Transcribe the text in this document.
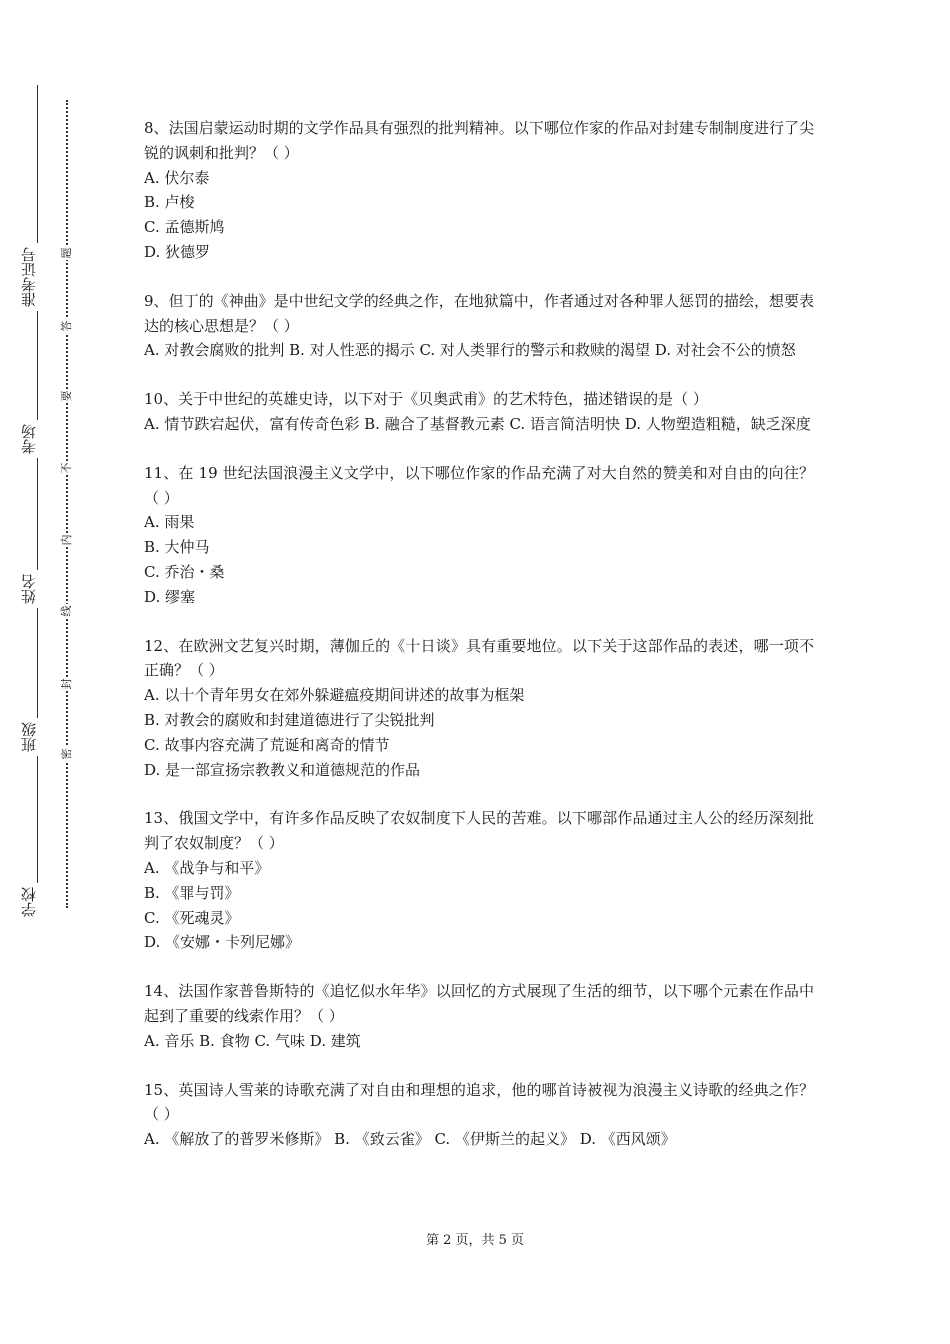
准考证号
考场
姓名
班级
学校
题
答
要
不
内
线
封
密

8、法国启蒙运动时期的文学作品具有强烈的批判精神。以下哪位作家的作品对封建专制制度进行了尖锐的讽刺和批判？（ ）

A. 伏尔泰

B. 卢梭

C. 孟德斯鸠

D. 狄德罗

9、但丁的《神曲》是中世纪文学的经典之作，在地狱篇中，作者通过对各种罪人惩罚的描绘，想要表达的核心思想是？（ ）

A. 对教会腐败的批判 B. 对人性恶的揭示 C. 对人类罪行的警示和救赎的渴望 D. 对社会不公的愤怒

10、关于中世纪的英雄史诗，以下对于《贝奥武甫》的艺术特色，描述错误的是（ ）

A. 情节跌宕起伏，富有传奇色彩 B. 融合了基督教元素 C. 语言简洁明快 D. 人物塑造粗糙，缺乏深度

11、在 19 世纪法国浪漫主义文学中，以下哪位作家的作品充满了对大自然的赞美和对自由的向往？（ ）

A. 雨果

B. 大仲马

C. 乔治・桑

D. 缪塞

12、在欧洲文艺复兴时期，薄伽丘的《十日谈》具有重要地位。以下关于这部作品的表述，哪一项不正确？（ ）

A. 以十个青年男女在郊外躲避瘟疫期间讲述的故事为框架

B. 对教会的腐败和封建道德进行了尖锐批判

C. 故事内容充满了荒诞和离奇的情节

D. 是一部宣扬宗教教义和道德规范的作品

13、俄国文学中，有许多作品反映了农奴制度下人民的苦难。以下哪部作品通过主人公的经历深刻批判了农奴制度？（ ）

A. 《战争与和平》

B. 《罪与罚》

C. 《死魂灵》

D. 《安娜・卡列尼娜》

14、法国作家普鲁斯特的《追忆似水年华》以回忆的方式展现了生活的细节，以下哪个元素在作品中起到了重要的线索作用？（ ）

A. 音乐 B. 食物 C. 气味 D. 建筑

15、英国诗人雪莱的诗歌充满了对自由和理想的追求，他的哪首诗被视为浪漫主义诗歌的经典之作？（ ）

A. 《解放了的普罗米修斯》 B. 《致云雀》 C. 《伊斯兰的起义》 D. 《西风颂》

第 2 页，共 5 页
